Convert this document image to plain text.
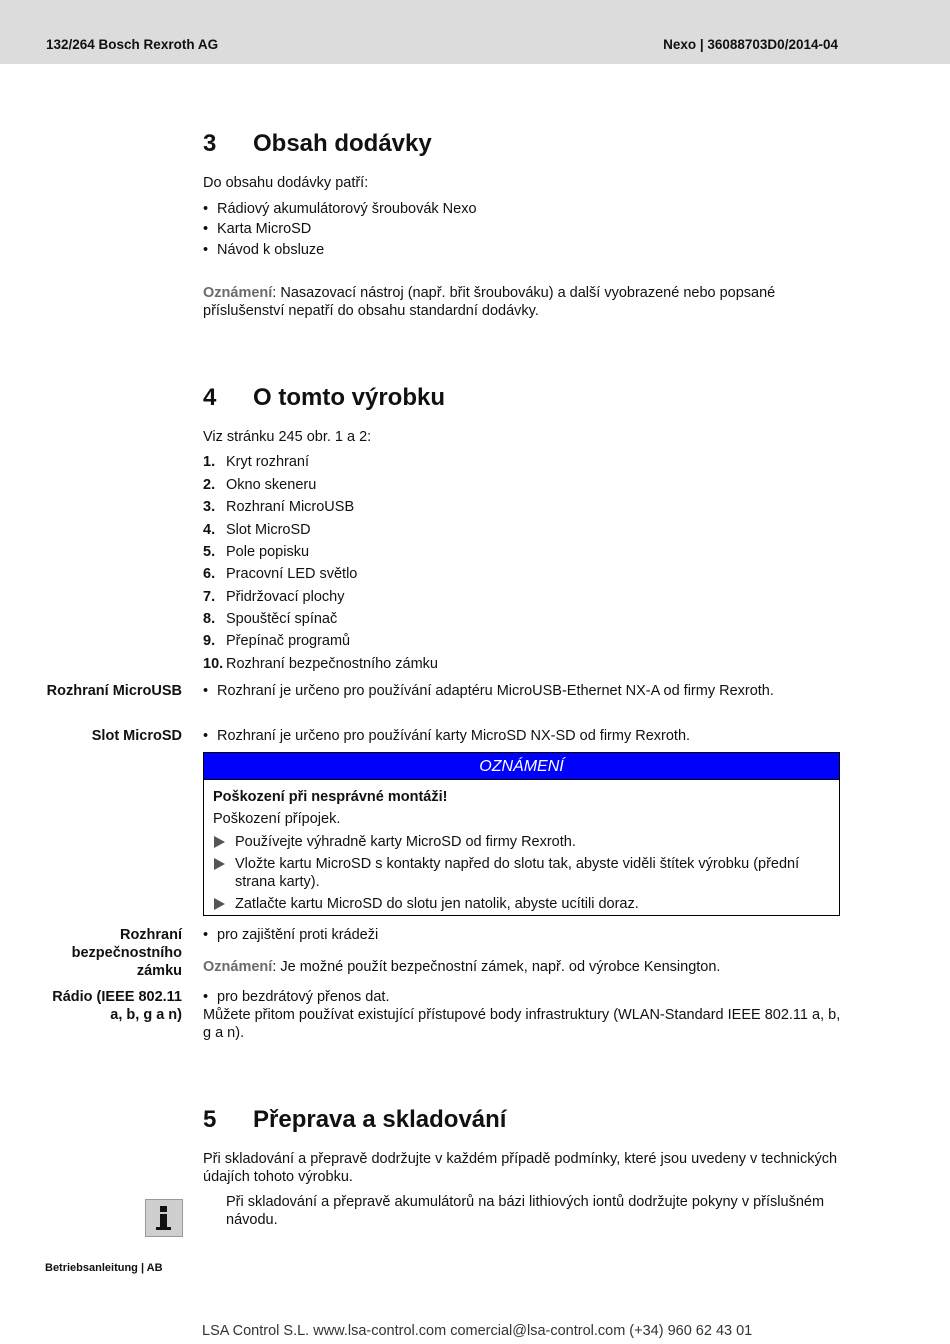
132/264 Bosch Rexroth AG	Nexo | 36088703D0/2014-04
3 Obsah dodávky
Do obsahu dodávky patří:
• Rádiový akumulátorový šroubovák Nexo
• Karta MicroSD
• Návod k obsluze
Oznámení: Nasazovací nástroj (např. břit šroubováku) a další vyobrazené nebo popsané příslušenství nepatří do obsahu standardní dodávky.
4 O tomto výrobku
Viz stránku 245 obr. 1 a 2:
1. Kryt rozhraní
2. Okno skeneru
3. Rozhraní MicroUSB
4. Slot MicroSD
5. Pole popisku
6. Pracovní LED světlo
7. Přidržovací plochy
8. Spouštěcí spínač
9. Přepínač programů
10. Rozhraní bezpečnostního zámku
Rozhraní MicroUSB • Rozhraní je určeno pro používání adaptéru MicroUSB-Ethernet NX-A od firmy Rexroth.
Slot MicroSD • Rozhraní je určeno pro používání karty MicroSD NX-SD od firmy Rexroth.
OZNÁMENÍ
Poškození při nesprávné montáži!
Poškození přípojek.
Používejte výhradně karty MicroSD od firmy Rexroth.
Vložte kartu MicroSD s kontakty napřed do slotu tak, abyste viděli štítek výrobku (přední strana karty).
Zatlačte kartu MicroSD do slotu jen natolik, abyste ucítili doraz.
Rozhraní
bezpečnostního
zámku
• pro zajištění proti krádeži
Oznámení: Je možné použít bezpečnostní zámek, např. od výrobce Kensington.
Rádio (IEEE 802.11
a, b, g a n)
• pro bezdrátový přenos dat.
Můžete přitom používat existující přístupové body infrastruktury (WLAN-Standard IEEE 802.11 a, b, g a n).
5 Přeprava a skladování
Při skladování a přepravě dodržujte v každém případě podmínky, které jsou uvedeny v technických údajích tohoto výrobku.
Při skladování a přepravě akumulátorů na bázi lithiových iontů dodržujte pokyny v příslušném návodu.
Betriebsanleitung | AB
LSA Control S.L. www.lsa-control.com comercial@lsa-control.com (+34) 960 62 43 01
